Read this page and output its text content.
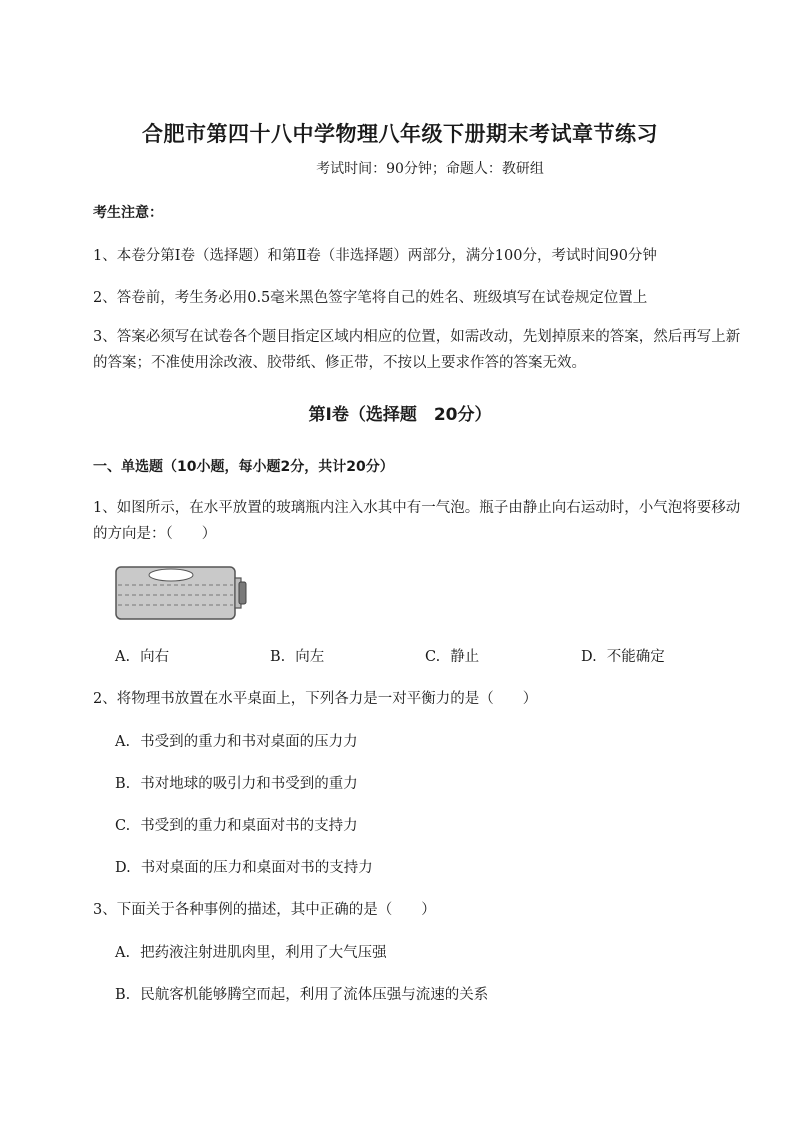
合肥市第四十八中学物理八年级下册期末考试章节练习
考试时间：90分钟；命题人：教研组
考生注意：
1、本卷分第Ⅰ卷（选择题）和第Ⅱ卷（非选择题）两部分，满分100分，考试时间90分钟
2、答卷前，考生务必用0.5毫米黑色签字笔将自己的姓名、班级填写在试卷规定位置上
3、答案必须写在试卷各个题目指定区域内相应的位置，如需改动，先划掉原来的答案，然后再写上新的答案；不准使用涂改液、胶带纸、修正带，不按以上要求作答的答案无效。
第Ⅰ卷（选择题　20分）
一、单选题（10小题，每小题2分，共计20分）
1、如图所示，在水平放置的玻璃瓶内注入水其中有一气泡。瓶子由静止向右运动时，小气泡将要移动的方向是：（　　）
A. 向右	B. 向左	C. 静止	D. 不能确定
2、将物理书放置在水平桌面上，下列各力是一对平衡力的是（　　）
A. 书受到的重力和书对桌面的压力力
B. 书对地球的吸引力和书受到的重力
C. 书受到的重力和桌面对书的支持力
D. 书对桌面的压力和桌面对书的支持力
3、下面关于各种事例的描述，其中正确的是（　　）
A. 把药液注射进肌肉里，利用了大气压强
B. 民航客机能够腾空而起，利用了流体压强与流速的关系
